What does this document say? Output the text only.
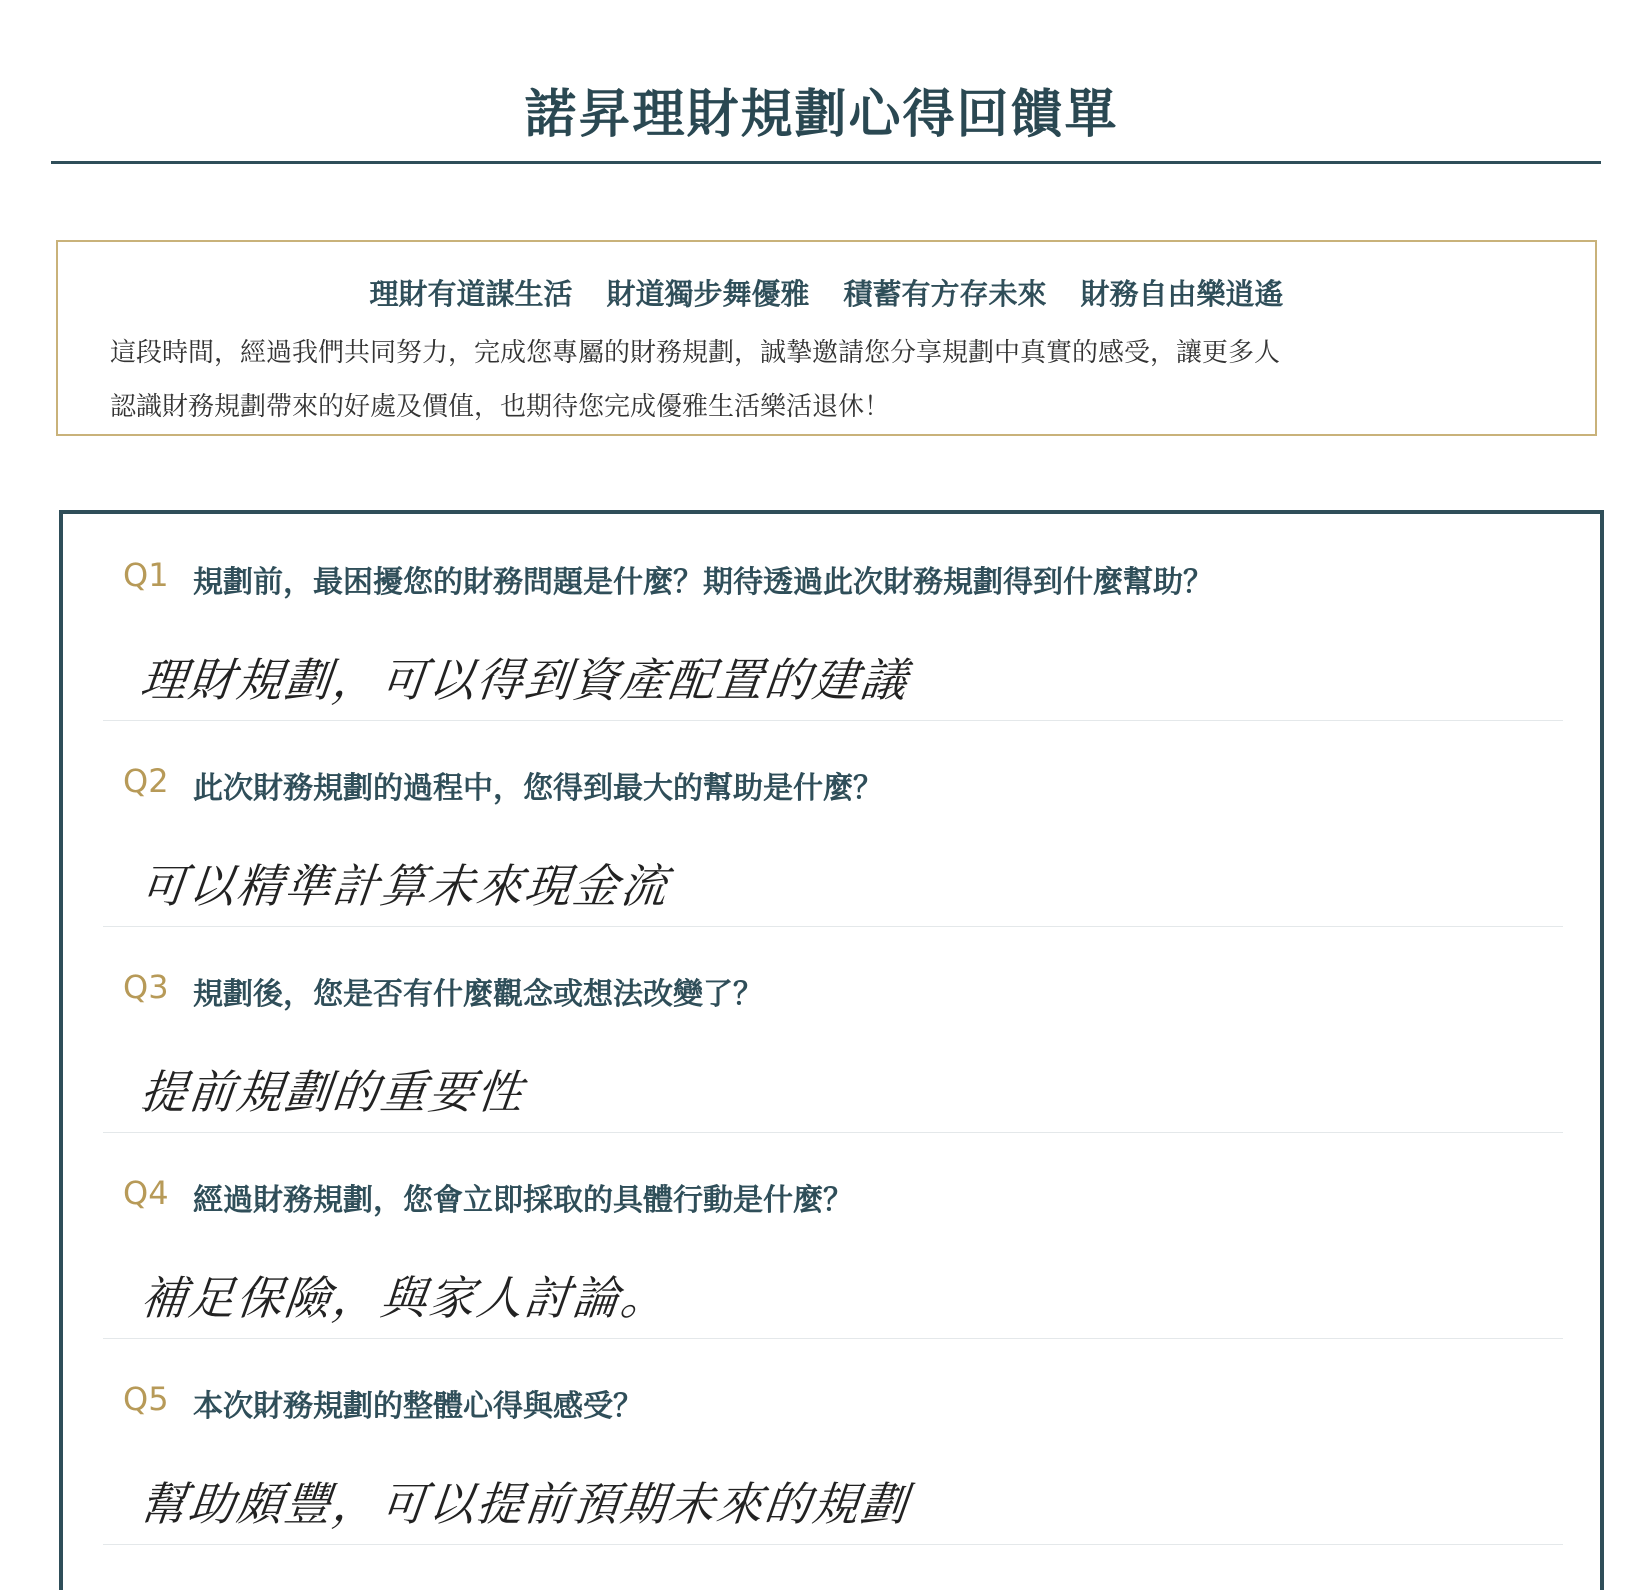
諾昇理財規劃心得回饋單
理財有道謀生活 財道獨步舞優雅 積蓄有方存未來 財務自由樂逍遙
這段時間，經過我們共同努力，完成您專屬的財務規劃，誠摯邀請您分享規劃中真實的感受，讓更多人
認識財務規劃帶來的好處及價值，也期待您完成優雅生活樂活退休！
Q1 規劃前，最困擾您的財務問題是什麼？期待透過此次財務規劃得到什麼幫助？
理財規劃，可以得到資產配置的建議
Q2 此次財務規劃的過程中，您得到最大的幫助是什麼？
可以精準計算未來現金流
Q3 規劃後，您是否有什麼觀念或想法改變了？
提前規劃的重要性
Q4 經過財務規劃，您會立即採取的具體行動是什麼？
補足保險，與家人討論。
Q5 本次財務規劃的整體心得與感受？
幫助頗豐，可以提前預期未來的規劃
